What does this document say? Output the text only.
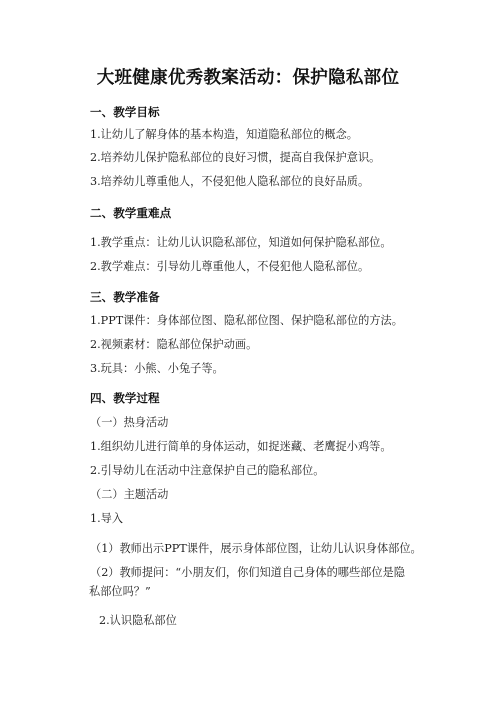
大班健康优秀教案活动：保护隐私部位
一、教学目标
1.让幼儿了解身体的基本构造，知道隐私部位的概念。
2.培养幼儿保护隐私部位的良好习惯，提高自我保护意识。
3.培养幼儿尊重他人，不侵犯他人隐私部位的良好品质。
二、教学重难点
1.教学重点：让幼儿认识隐私部位，知道如何保护隐私部位。
2.教学难点：引导幼儿尊重他人，不侵犯他人隐私部位。
三、教学准备
1.PPT课件：身体部位图、隐私部位图、保护隐私部位的方法。
2.视频素材：隐私部位保护动画。
3.玩具：小熊、小兔子等。
四、教学过程
（一）热身活动
1.组织幼儿进行简单的身体运动，如捉迷藏、老鹰捉小鸡等。
2.引导幼儿在活动中注意保护自己的隐私部位。
（二）主题活动
1.导入
（1）教师出示PPT课件，展示身体部位图，让幼儿认识身体部位。
（2）教师提问：“小朋友们，你们知道自己身体的哪些部位是隐
私部位吗？”
2.认识隐私部位
